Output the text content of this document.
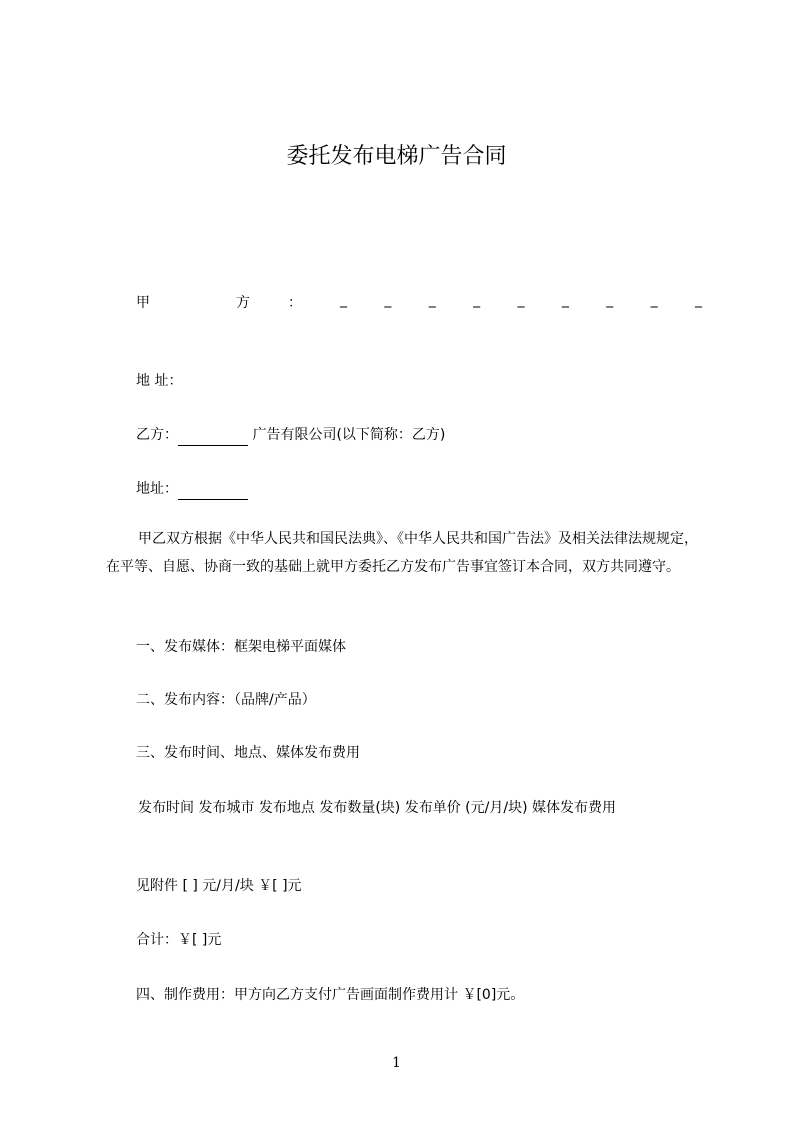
委托发布电梯广告合同
甲	方	：	_	_	_	_	_	_	_	_	_
地 址：
乙方：	广告有限公司(以下简称：乙方)
地址：

甲乙双方根据《中华人民共和国民法典》、《中华人民共和国广告法》及相关法律法规规定，在平等、自愿、协商一致的基础上就甲方委托乙方发布广告事宜签订本合同，双方共同遵守。

一、发布媒体：框架电梯平面媒体
二、发布内容：（品牌/产品）
三、发布时间、地点、媒体发布费用

发布时间 发布城市 发布地点 发布数量(块) 发布单价 (元/月/块) 媒体发布费用

见附件 [ ] 元/月/块 ￥[ ]元
合计：￥[ ]元
四、制作费用：甲方向乙方支付广告画面制作费用计 ￥[0]元。
1
